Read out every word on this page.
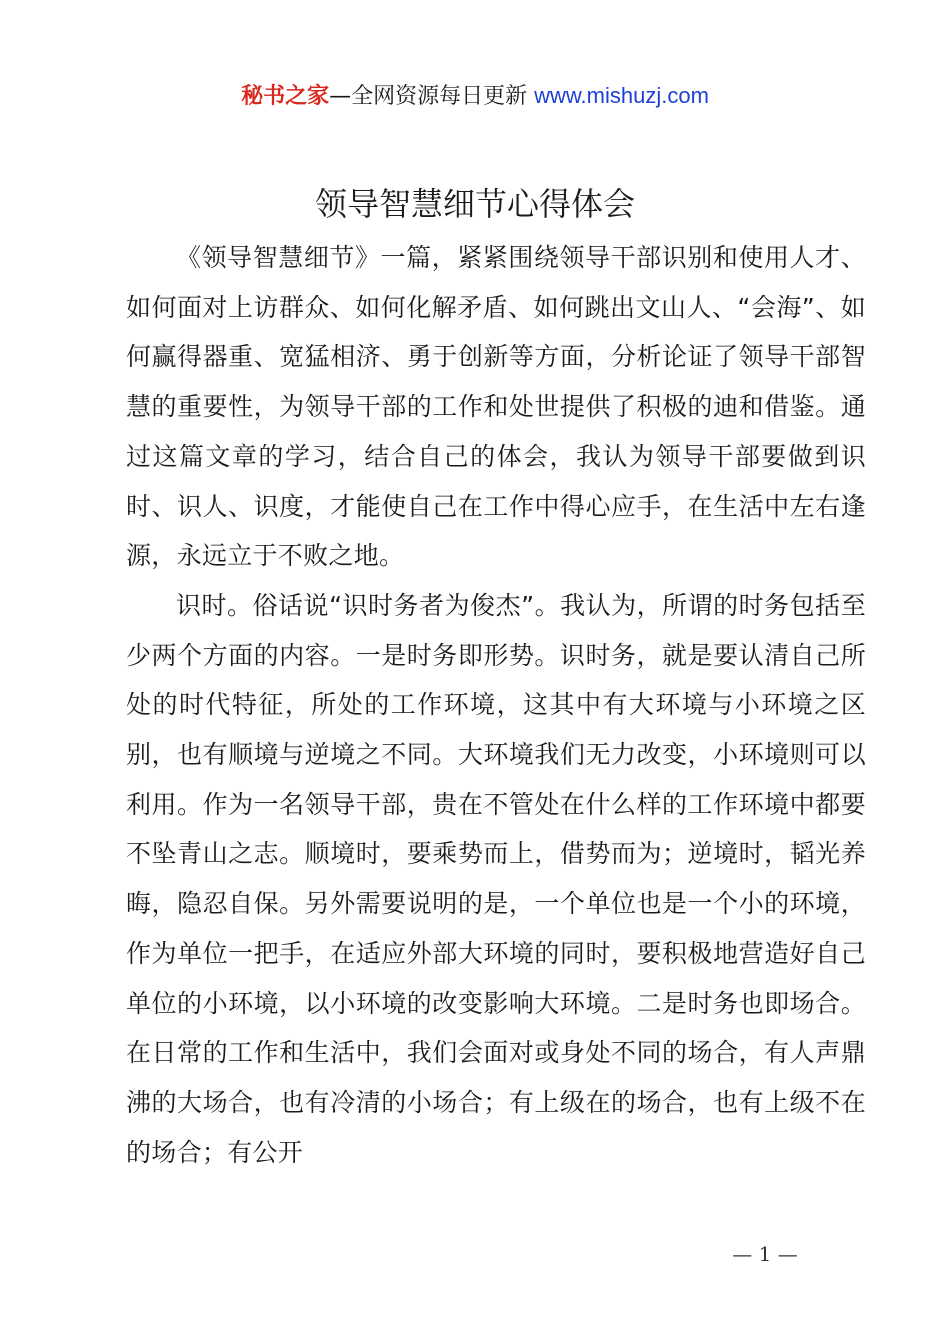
秘书之家—全网资源每日更新 www.mishuzj.com
领导智慧细节心得体会

《领导智慧细节》一篇，紧紧围绕领导干部识别和使用人才、如何面对上访群众、如何化解矛盾、如何跳出文山人、“会海”、如何赢得器重、宽猛相济、勇于创新等方面，分析论证了领导干部智慧的重要性，为领导干部的工作和处世提供了积极的迪和借鉴。通过这篇文章的学习，结合自己的体会，我认为领导干部要做到识时、识人、识度，才能使自己在工作中得心应手，在生活中左右逢源，永远立于不败之地。

识时。俗话说“识时务者为俊杰”。我认为，所谓的时务包括至少两个方面的内容。一是时务即形势。识时务，就是要认清自己所处的时代特征，所处的工作环境，这其中有大环境与小环境之区别，也有顺境与逆境之不同。大环境我们无力改变，小环境则可以利用。作为一名领导干部，贵在不管处在什么样的工作环境中都要不坠青山之志。顺境时，要乘势而上，借势而为；逆境时，韬光养晦，隐忍自保。另外需要说明的是，一个单位也是一个小的环境，作为单位一把手，在适应外部大环境的同时，要积极地营造好自己单位的小环境，以小环境的改变影响大环境。二是时务也即场合。在日常的工作和生活中，我们会面对或身处不同的场合，有人声鼎沸的大场合，也有冷清的小场合；有上级在的场合，也有上级不在的场合；有公开

— 1 —
